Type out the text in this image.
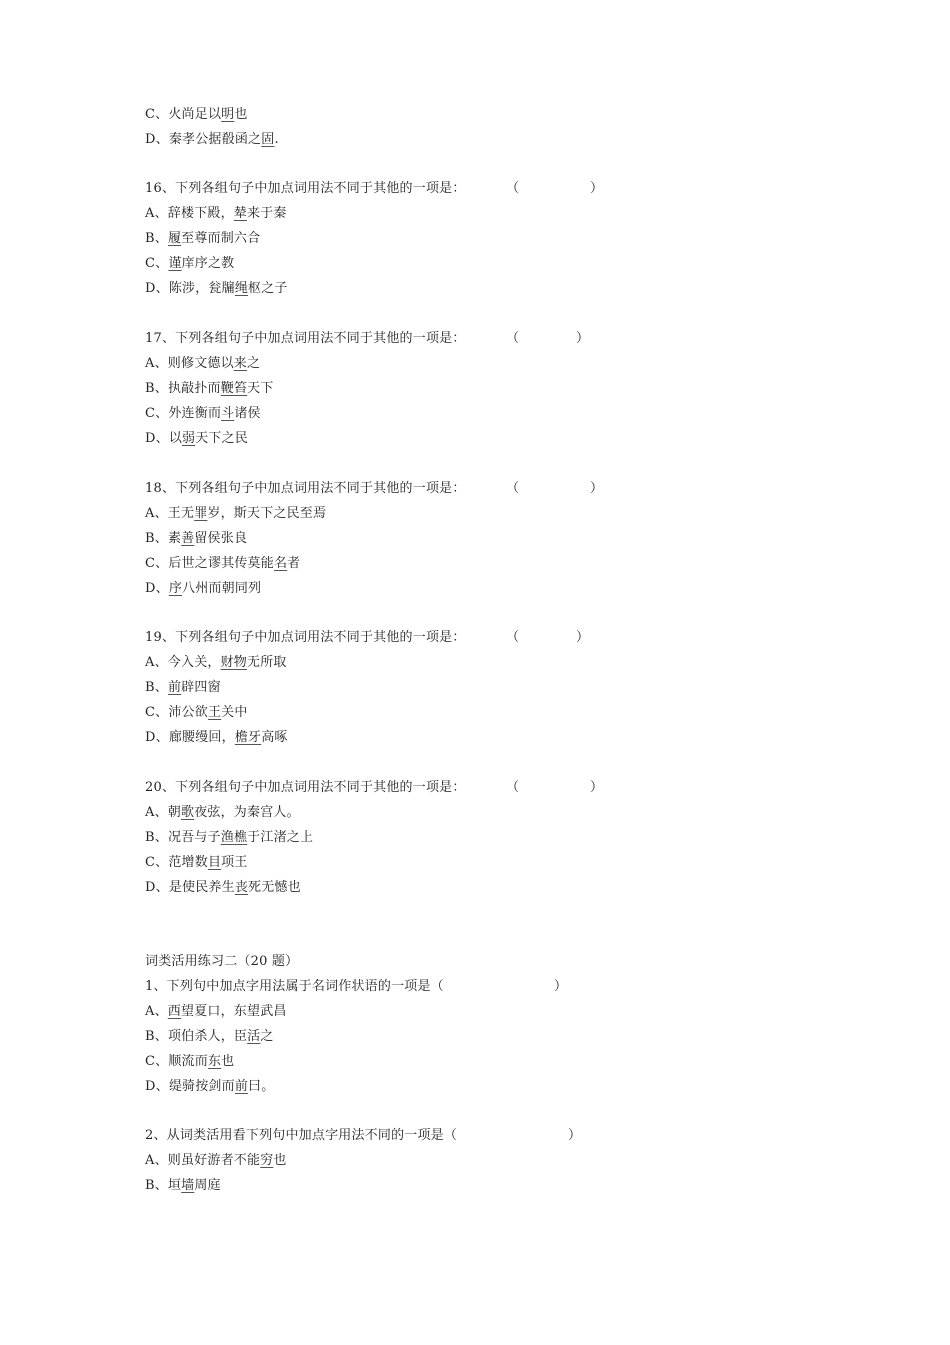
C、火尚足以明也
D、秦孝公据殽函之固.
16、下列各组句子中加点词用法不同于其他的一项是：	（	）
A、辞楼下殿，辇来于秦
B、履至尊而制六合
C、谨庠序之教
D、陈涉，瓮牖绳枢之子
17、下列各组句子中加点词用法不同于其他的一项是：	（	）
A、则修文德以来之
B、执敲扑而鞭笞天下
C、外连衡而斗诸侯
D、以弱天下之民
18、下列各组句子中加点词用法不同于其他的一项是：	（	）
A、王无罪岁，斯天下之民至焉
B、素善留侯张良
C、后世之谬其传莫能名者
D、序八州而朝同列
19、下列各组句子中加点词用法不同于其他的一项是：	（	）
A、今入关，财物无所取
B、前辟四窗
C、沛公欲王关中
D、廊腰缦回，檐牙高啄
20、下列各组句子中加点词用法不同于其他的一项是：	（	）
A、朝歌夜弦，为秦宫人。
B、况吾与子渔樵于江渚之上
C、范增数目项王
D、是使民养生丧死无憾也
词类活用练习二（20 题）
1、下列句中加点字用法属于名词作状语的一项是（	）
A、西望夏口，东望武昌
B、项伯杀人，臣活之
C、顺流而东也
D、缇骑按剑而前曰。
2、从词类活用看下列句中加点字用法不同的一项是（	）
A、则虽好游者不能穷也
B、垣墙周庭
